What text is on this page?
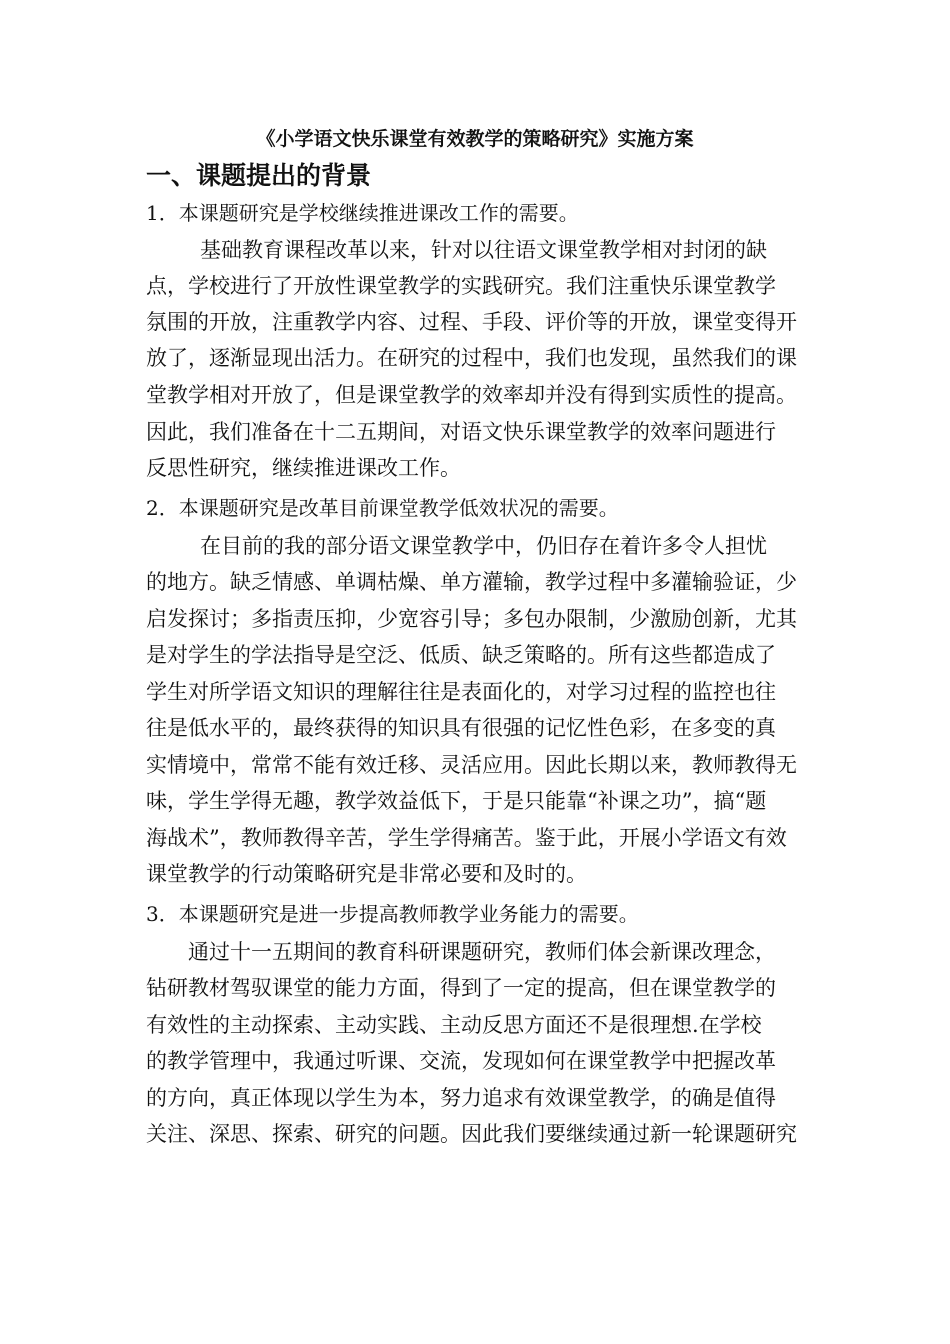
《小学语文快乐课堂有效教学的策略研究》实施方案
一、课题提出的背景
1．本课题研究是学校继续推进课改工作的需要。
基础教育课程改革以来，针对以往语文课堂教学相对封闭的缺
点，学校进行了开放性课堂教学的实践研究。我们注重快乐课堂教学
氛围的开放，注重教学内容、过程、手段、评价等的开放，课堂变得开
放了，逐渐显现出活力。在研究的过程中，我们也发现，虽然我们的课
堂教学相对开放了，但是课堂教学的效率却并没有得到实质性的提高。
因此，我们准备在十二五期间，对语文快乐课堂教学的效率问题进行
反思性研究，继续推进课改工作。
2．本课题研究是改革目前课堂教学低效状况的需要。
在目前的我的部分语文课堂教学中，仍旧存在着许多令人担忧
的地方。缺乏情感、单调枯燥、单方灌输，教学过程中多灌输验证，少
启发探讨；多指责压抑，少宽容引导；多包办限制，少激励创新，尤其
是对学生的学法指导是空泛、低质、缺乏策略的。所有这些都造成了
学生对所学语文知识的理解往往是表面化的，对学习过程的监控也往
往是低水平的，最终获得的知识具有很强的记忆性色彩，在多变的真
实情境中，常常不能有效迁移、灵活应用。因此长期以来，教师教得无
味，学生学得无趣，教学效益低下，于是只能靠“补课之功”，搞“题
海战术”，教师教得辛苦，学生学得痛苦。鉴于此，开展小学语文有效
课堂教学的行动策略研究是非常必要和及时的。
3．本课题研究是进一步提高教师教学业务能力的需要。
通过十一五期间的教育科研课题研究，教师们体会新课改理念，
钻研教材驾驭课堂的能力方面，得到了一定的提高，但在课堂教学的
有效性的主动探索、主动实践、主动反思方面还不是很理想.在学校
的教学管理中，我通过听课、交流，发现如何在课堂教学中把握改革
的方向，真正体现以学生为本，努力追求有效课堂教学，的确是值得
关注、深思、探索、研究的问题。因此我们要继续通过新一轮课题研究
